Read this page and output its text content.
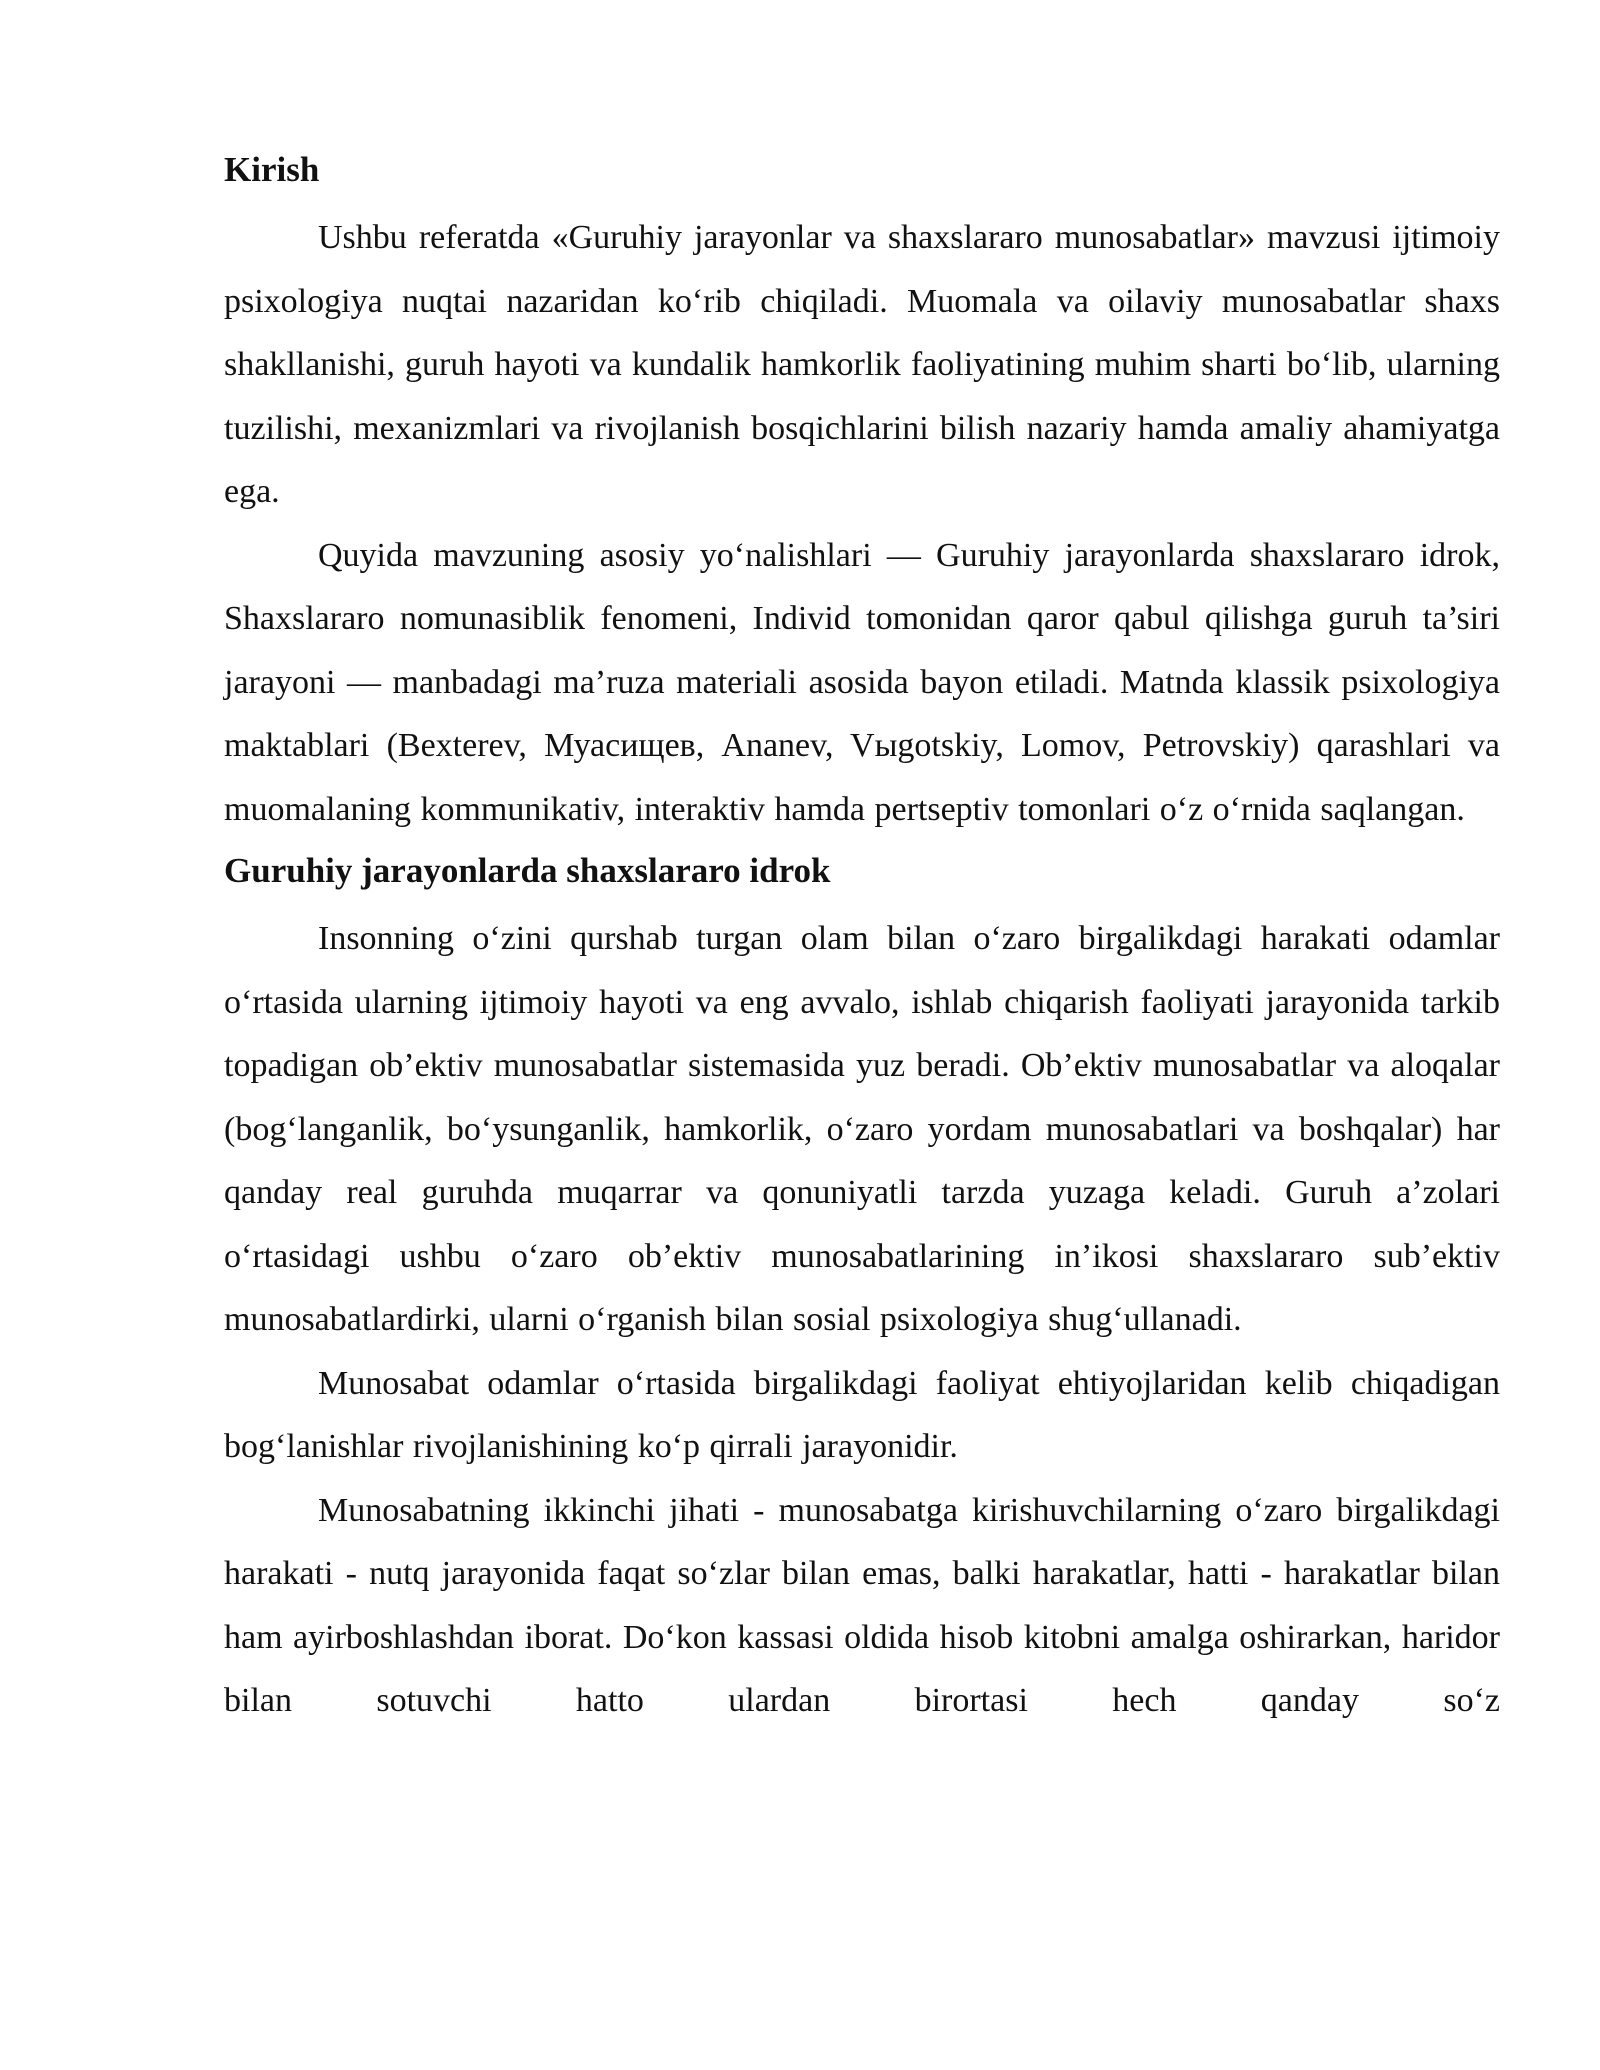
Kirish

Ushbu referatda «Guruhiy jarayonlar va shaxslararo munosabatlar» mavzusi ijtimoiy psixologiya nuqtai nazaridan ko‘rib chiqiladi. Muomala va oilaviy munosabatlar shaxs shakllanishi, guruh hayoti va kundalik hamkorlik faoliyatining muhim sharti bo‘lib, ularning tuzilishi, mexanizmlari va rivojlanish bosqichlarini bilish nazariy hamda amaliy ahamiyatga ega.

Quyida mavzuning asosiy yo‘nalishlari — Guruhiy jarayonlarda shaxslararo idrok, Shaxslararo nomunasiblik fenomeni, Individ tomonidan qaror qabul qilishga guruh ta’siri jarayoni — manbadagi ma’ruza materiali asosida bayon etiladi. Matnda klassik psixologiya maktablari (Bexterev, Муасищев, Ananev, Vыgotskiy, Lomov, Petrovskiy) qarashlari va muomalaning kommunikativ, interaktiv hamda pertseptiv tomonlari o‘z o‘rnida saqlangan.

Guruhiy jarayonlarda shaxslararo idrok

Insonning o‘zini qurshab turgan olam bilan o‘zaro birgalikdagi harakati odamlar o‘rtasida ularning ijtimoiy hayoti va eng avvalo, ishlab chiqarish faoliyati jarayonida tarkib topadigan ob’ektiv munosabatlar sistemasida yuz beradi. Ob’ektiv munosabatlar va aloqalar (bog‘langanlik, bo‘ysunganlik, hamkorlik, o‘zaro yordam munosabatlari va boshqalar) har qanday real guruhda muqarrar va qonuniyatli tarzda yuzaga keladi. Guruh a’zolari o‘rtasidagi ushbu o‘zaro ob’ektiv munosabatlarining in’ikosi shaxslararo sub’ektiv munosabatlardirki, ularni o‘rganish bilan sosial psixologiya shug‘ullanadi.

Munosabat odamlar o‘rtasida birgalikdagi faoliyat ehtiyojlaridan kelib chiqadigan bog‘lanishlar rivojlanishining ko‘p qirrali jarayonidir.

Munosabatning ikkinchi jihati - munosabatga kirishuvchilarning o‘zaro birgalikdagi harakati - nutq jarayonida faqat so‘zlar bilan emas, balki harakatlar, hatti - harakatlar bilan ham ayirboshlashdan iborat. Do‘kon kassasi oldida hisob kitobni amalga oshirarkan, haridor bilan sotuvchi hatto ulardan birortasi hech qanday so‘z
